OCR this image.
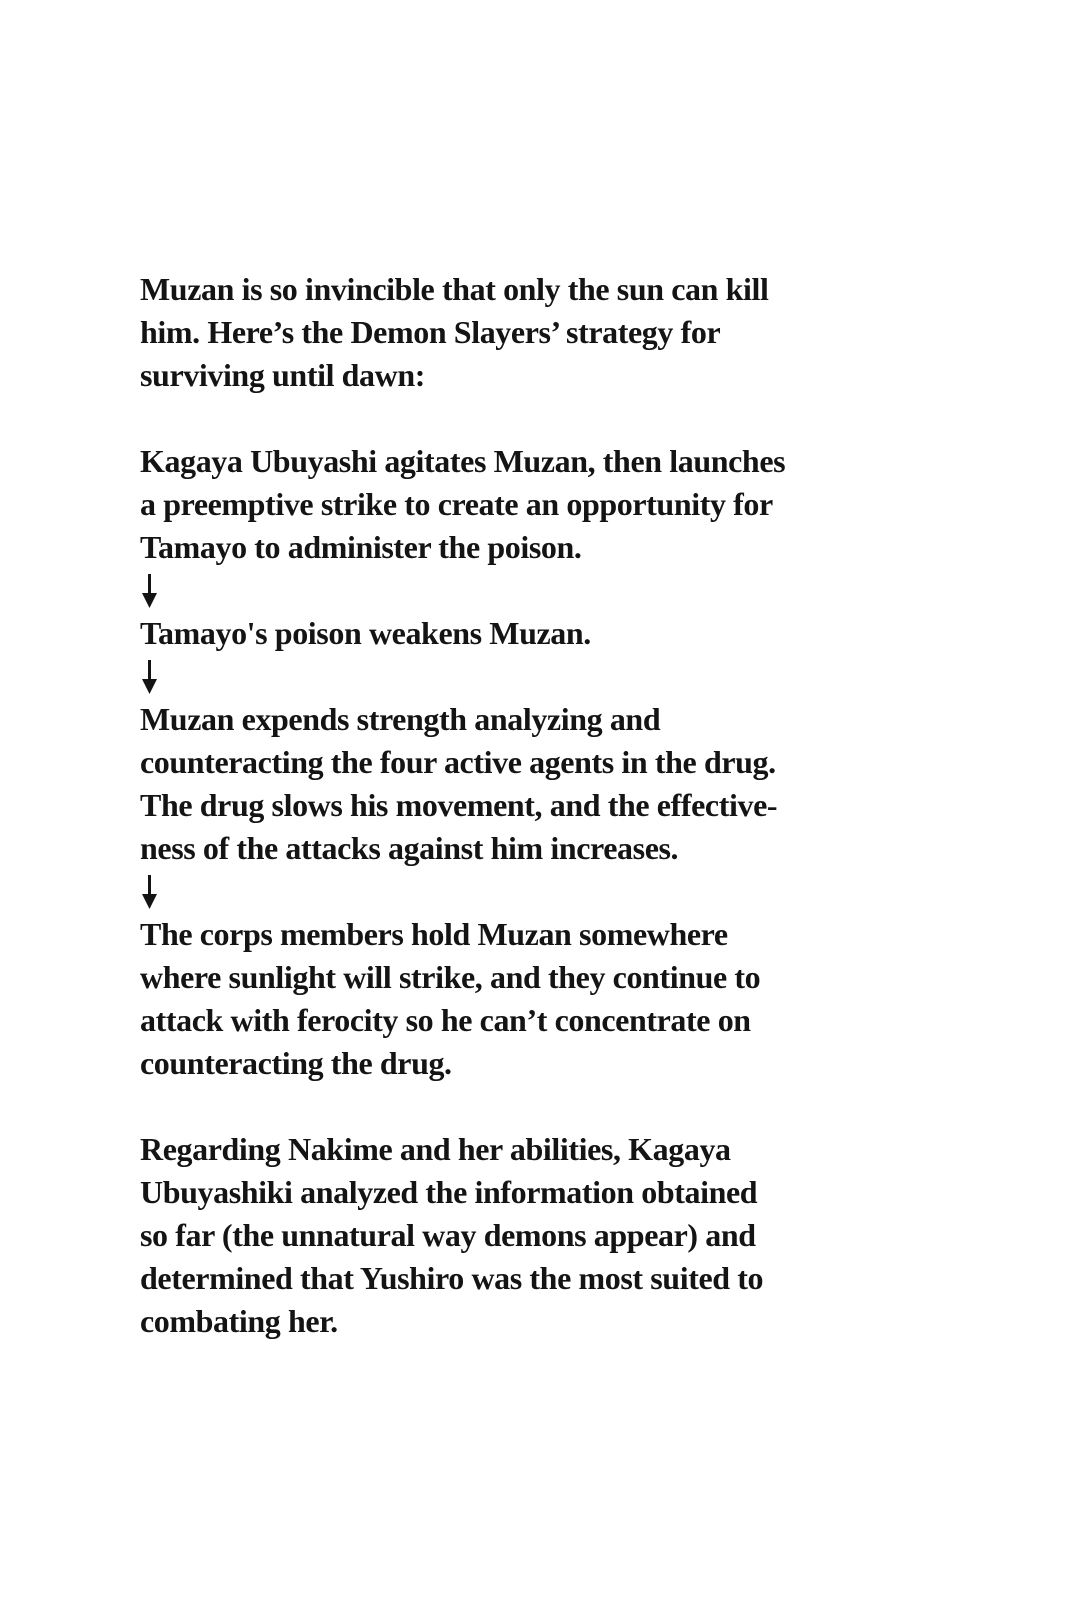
Muzan is so invincible that only the sun can kill
him. Here’s the Demon Slayers’ strategy for
surviving until dawn:
Kagaya Ubuyashi agitates Muzan, then launches
a preemptive strike to create an opportunity for
Tamayo to administer the poison.
Tamayo's poison weakens Muzan.
Muzan expends strength analyzing and
counteracting the four active agents in the drug.
The drug slows his movement, and the effective-
ness of the attacks against him increases.
The corps members hold Muzan somewhere
where sunlight will strike, and they continue to
attack with ferocity so he can’t concentrate on
counteracting the drug.
Regarding Nakime and her abilities, Kagaya
Ubuyashiki analyzed the information obtained
so far (the unnatural way demons appear) and
determined that Yushiro was the most suited to
combating her.
